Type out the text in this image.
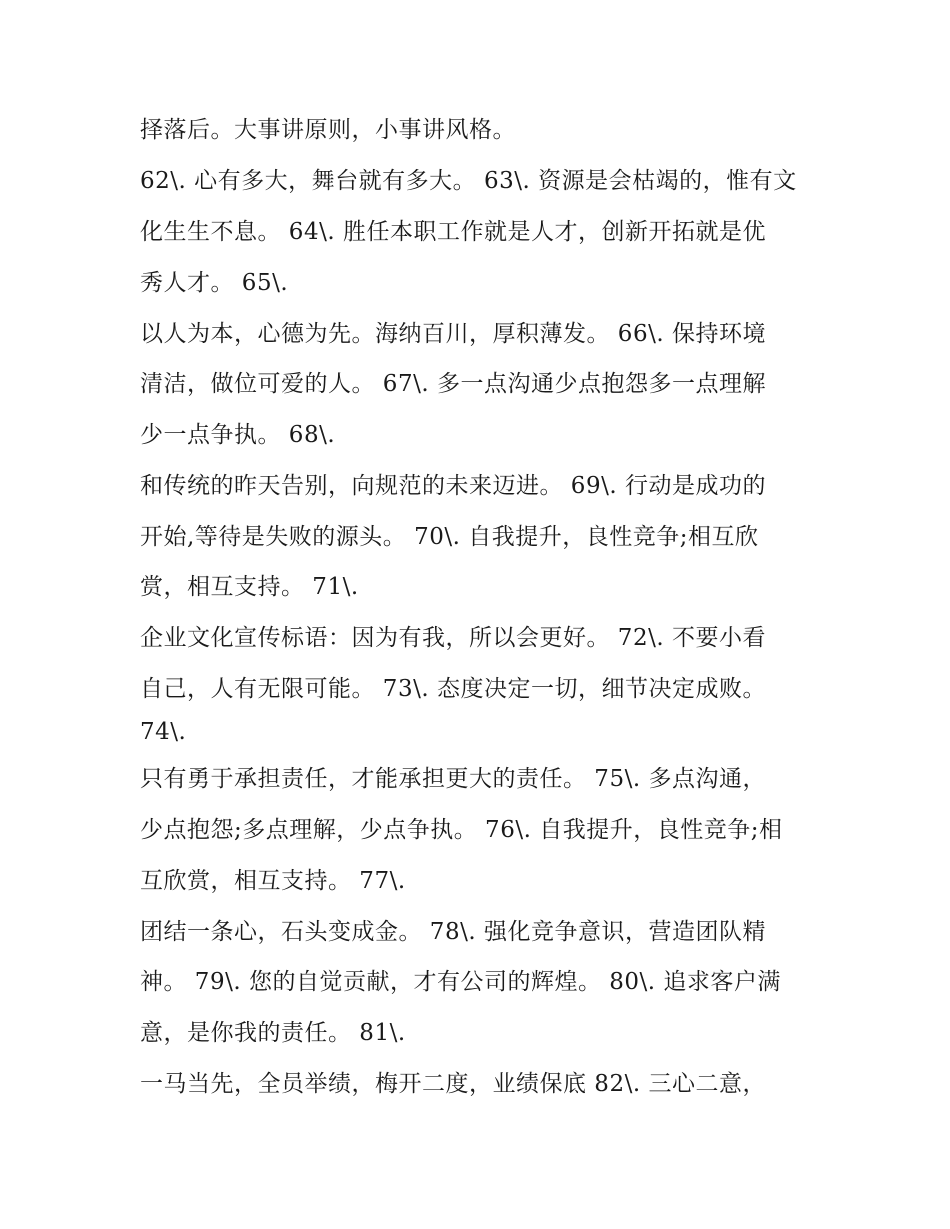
择落后。大事讲原则，小事讲风格。
62\. 心有多大，舞台就有多大。 63\. 资源是会枯竭的，惟有文
化生生不息。 64\. 胜任本职工作就是人才，创新开拓就是优
秀人才。 65\.
以人为本，心德为先。海纳百川，厚积薄发。 66\. 保持环境
清洁，做位可爱的人。 67\. 多一点沟通少点抱怨多一点理解
少一点争执。 68\.
和传统的昨天告别，向规范的未来迈进。 69\. 行动是成功的
开始,等待是失败的源头。 70\. 自我提升，良性竞争;相互欣
赏，相互支持。 71\.
企业文化宣传标语：因为有我，所以会更好。 72\. 不要小看
自己，人有无限可能。 73\. 态度决定一切，细节决定成败。
74\.
只有勇于承担责任，才能承担更大的责任。 75\. 多点沟通，
少点抱怨;多点理解，少点争执。 76\. 自我提升，良性竞争;相
互欣赏，相互支持。 77\.
团结一条心，石头变成金。 78\. 强化竞争意识，营造团队精
神。 79\. 您的自觉贡献，才有公司的辉煌。 80\. 追求客户满
意，是你我的责任。 81\.
一马当先，全员举绩，梅开二度，业绩保底 82\. 三心二意，
